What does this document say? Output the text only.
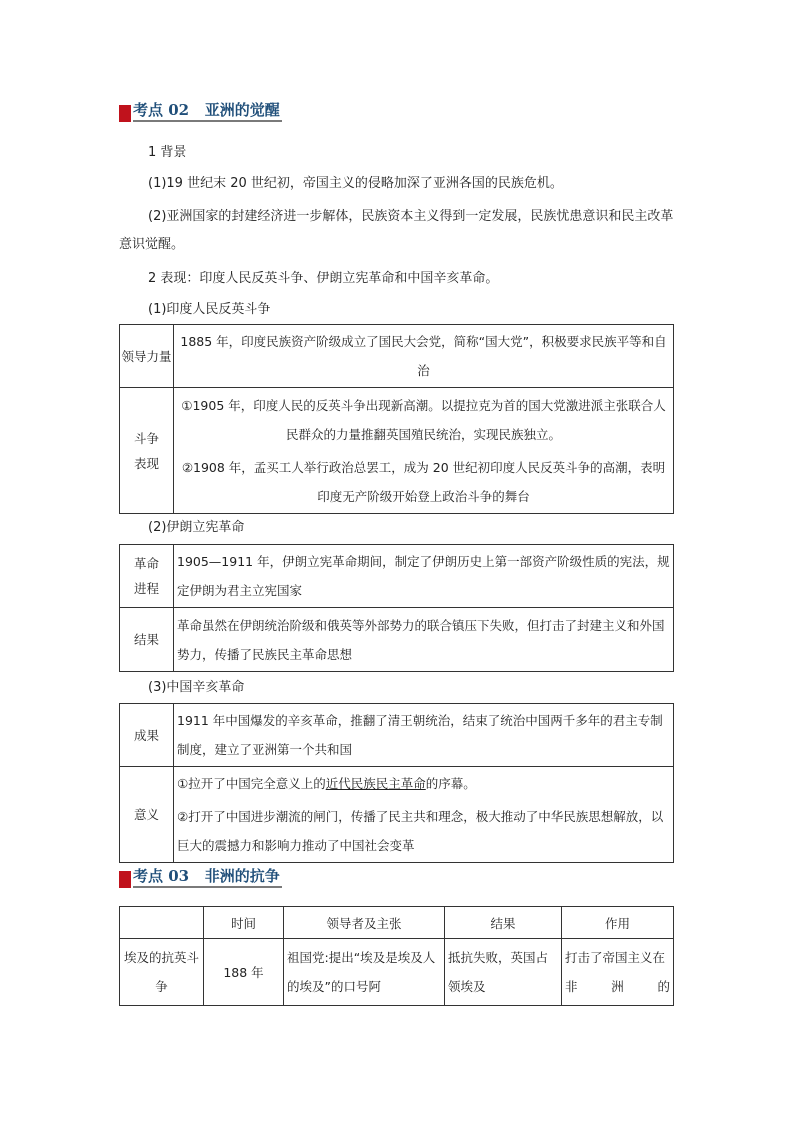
考点 02   亚洲的觉醒
1 背景
(1)19 世纪末 20 世纪初，帝国主义的侵略加深了亚洲各国的民族危机。
(2)亚洲国家的封建经济进一步解体，民族资本主义得到一定发展，民族忧患意识和民主改革意识觉醒。
2 表现：印度人民反英斗争、伊朗立宪革命和中国辛亥革命。
(1)印度人民反英斗争
领导力量	1885 年，印度民族资产阶级成立了国民大会党，简称“国大党”，积极要求民族平等和自治

斗争表现	①1905 年，印度人民的反英斗争出现新高潮。以提拉克为首的国大党激进派主张联合人民群众的力量推翻英国殖民统治，实现民族独立。
②1908 年，孟买工人举行政治总罢工，成为 20 世纪初印度人民反英斗争的高潮，表明印度无产阶级开始登上政治斗争的舞台
(2)伊朗立宪革命
革命进程	1905—1911 年，伊朗立宪革命期间，制定了伊朗历史上第一部资产阶级性质的宪法，规定伊朗为君主立宪国家

结果	革命虽然在伊朗统治阶级和俄英等外部势力的联合镇压下失败，但打击了封建主义和外国势力，传播了民族民主革命思想
(3)中国辛亥革命
成果	1911 年中国爆发的辛亥革命，推翻了清王朝统治，结束了统治中国两千多年的君主专制制度，建立了亚洲第一个共和国

意义	①拉开了中国完全意义上的近代民族民主革命的序幕。
②打开了中国进步潮流的闸门，传播了民主共和理念，极大推动了中华民族思想解放，以巨大的震撼力和影响力推动了中国社会变革
考点 03   非洲的抗争
	时间	领导者及主张	结果	作用
埃及的抗英斗争	188 年	祖国党:提出“埃及是埃及人的埃及”的口号阿	抵抗失败，英国占领埃及	打击了帝国主义在非洲的
